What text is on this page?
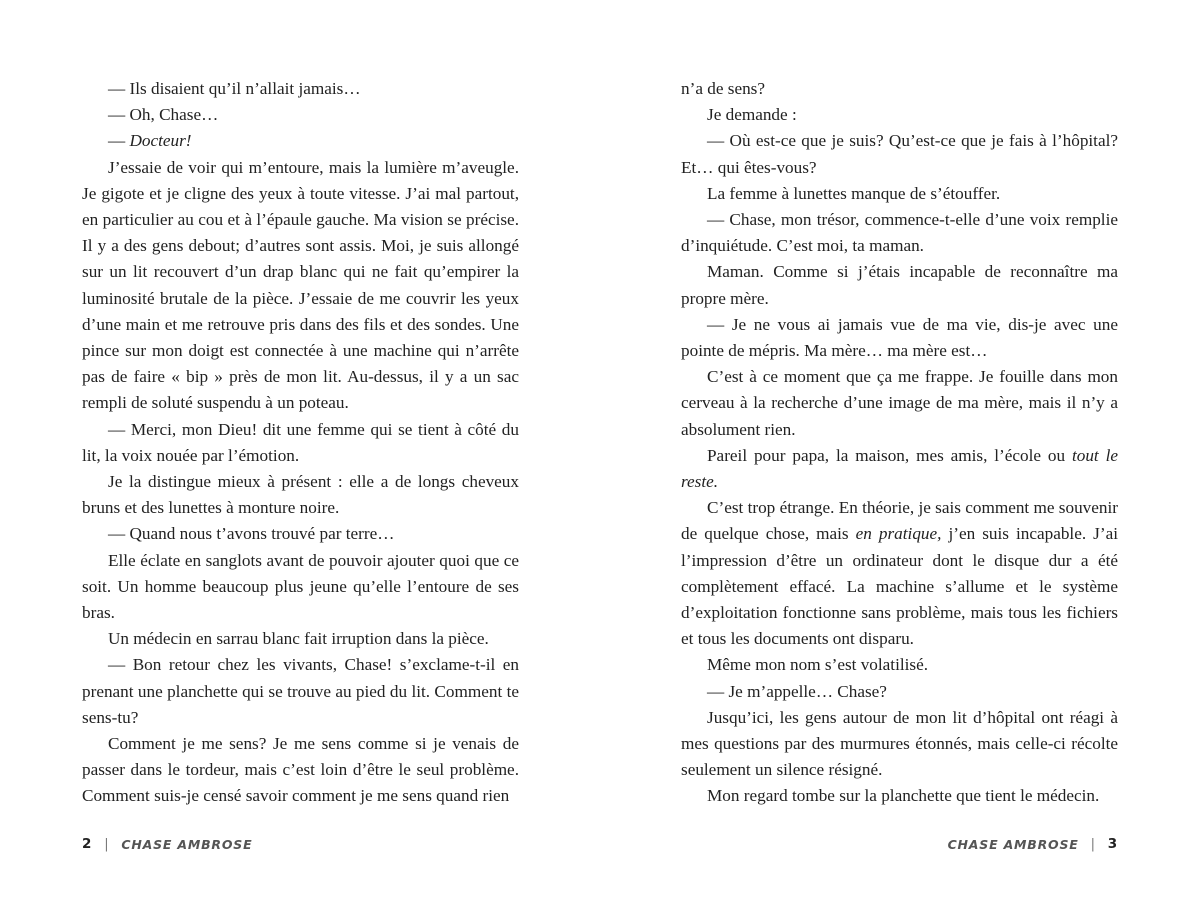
— Ils disaient qu’il n’allait jamais…

— Oh, Chase…

— Docteur!

J’essaie de voir qui m’entoure, mais la lumière m’aveugle. Je gigote et je cligne des yeux à toute vitesse. J’ai mal partout, en particulier au cou et à l’épaule gauche. Ma vision se précise. Il y a des gens debout; d’autres sont assis. Moi, je suis allongé sur un lit recouvert d’un drap blanc qui ne fait qu’empirer la luminosité brutale de la pièce. J’essaie de me couvrir les yeux d’une main et me retrouve pris dans des fils et des sondes. Une pince sur mon doigt est connectée à une machine qui n’arrête pas de faire « bip » près de mon lit. Au-dessus, il y a un sac rempli de soluté suspendu à un poteau.

— Merci, mon Dieu! dit une femme qui se tient à côté du lit, la voix nouée par l’émotion.

Je la distingue mieux à présent : elle a de longs cheveux bruns et des lunettes à monture noire.

— Quand nous t’avons trouvé par terre…

Elle éclate en sanglots avant de pouvoir ajouter quoi que ce soit. Un homme beaucoup plus jeune qu’elle l’entoure de ses bras.

Un médecin en sarrau blanc fait irruption dans la pièce.

— Bon retour chez les vivants, Chase! s’exclame-t-il en prenant une planchette qui se trouve au pied du lit. Comment te sens-tu?

Comment je me sens? Je me sens comme si je venais de passer dans le tordeur, mais c’est loin d’être le seul problème. Comment suis-je censé savoir comment je me sens quand rien

2 | CHASE AMBROSE

n’a de sens?

Je demande :

— Où est-ce que je suis? Qu’est-ce que je fais à l’hôpital? Et… qui êtes-vous?

La femme à lunettes manque de s’étouffer.

— Chase, mon trésor, commence-t-elle d’une voix remplie d’inquiétude. C’est moi, ta maman.

Maman. Comme si j’étais incapable de reconnaître ma propre mère.

— Je ne vous ai jamais vue de ma vie, dis-je avec une pointe de mépris. Ma mère… ma mère est…

C’est à ce moment que ça me frappe. Je fouille dans mon cerveau à la recherche d’une image de ma mère, mais il n’y a absolument rien.

Pareil pour papa, la maison, mes amis, l’école ou tout le reste.

C’est trop étrange. En théorie, je sais comment me souvenir de quelque chose, mais en pratique, j’en suis incapable. J’ai l’impression d’être un ordinateur dont le disque dur a été complètement effacé. La machine s’allume et le système d’exploitation fonctionne sans problème, mais tous les fichiers et tous les documents ont disparu.

Même mon nom s’est volatilisé.

— Je m’appelle… Chase?

Jusqu’ici, les gens autour de mon lit d’hôpital ont réagi à mes questions par des murmures étonnés, mais celle-ci récolte seulement un silence résigné.

Mon regard tombe sur la planchette que tient le médecin.

CHASE AMBROSE | 3
